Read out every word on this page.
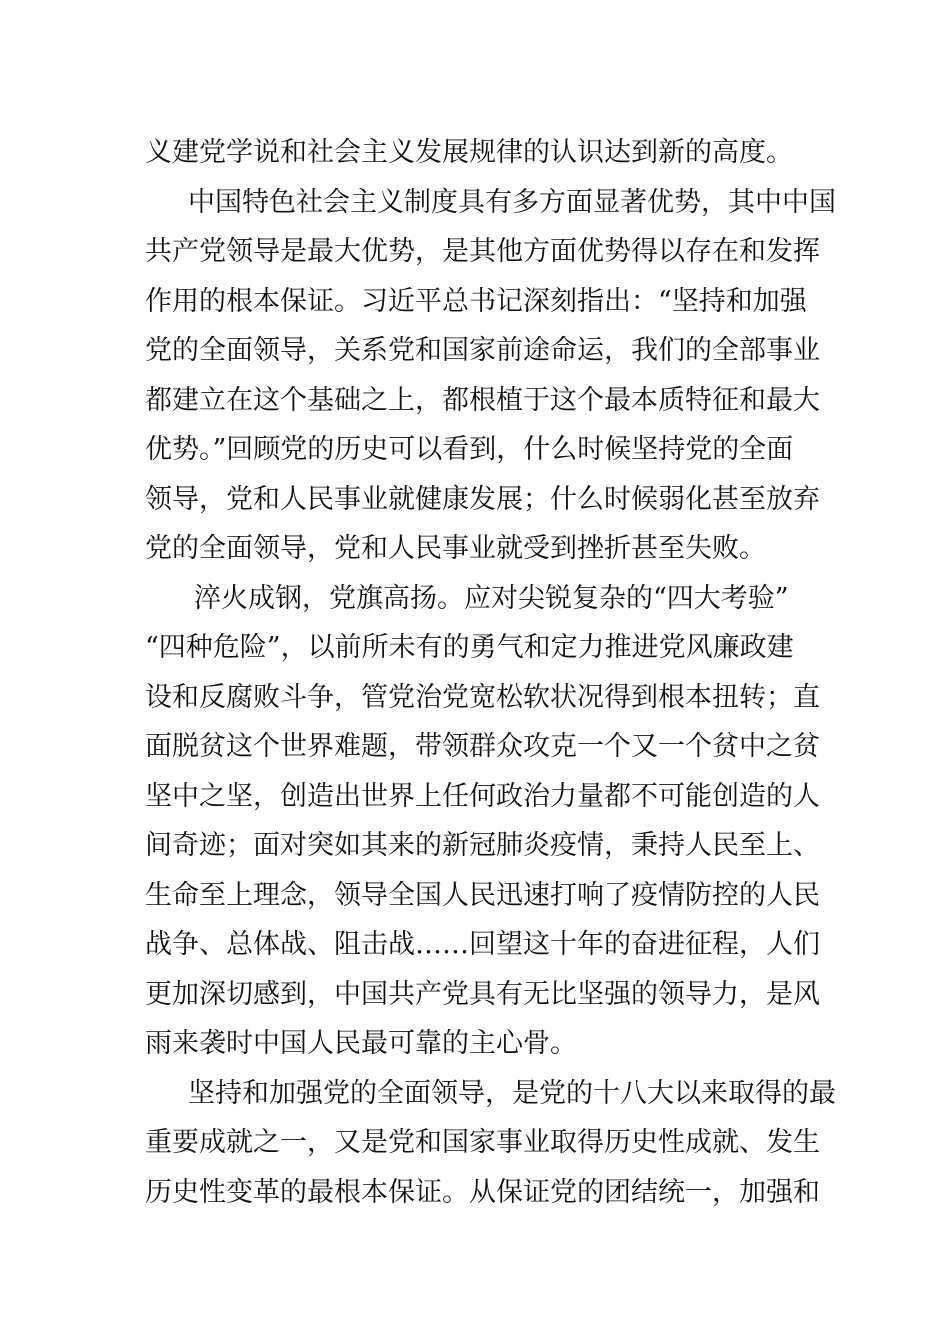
义建党学说和社会主义发展规律的认识达到新的高度。
中国特色社会主义制度具有多方面显著优势，其中中国
共产党领导是最大优势，是其他方面优势得以存在和发挥
作用的根本保证。习近平总书记深刻指出：“坚持和加强
党的全面领导，关系党和国家前途命运，我们的全部事业
都建立在这个基础之上，都根植于这个最本质特征和最大
优势。”回顾党的历史可以看到，什么时候坚持党的全面
领导，党和人民事业就健康发展；什么时候弱化甚至放弃
党的全面领导，党和人民事业就受到挫折甚至失败。
淬火成钢，党旗高扬。应对尖锐复杂的“四大考验”
“四种危险”，以前所未有的勇气和定力推进党风廉政建
设和反腐败斗争，管党治党宽松软状况得到根本扭转；直
面脱贫这个世界难题，带领群众攻克一个又一个贫中之贫
坚中之坚，创造出世界上任何政治力量都不可能创造的人
间奇迹；面对突如其来的新冠肺炎疫情，秉持人民至上、
生命至上理念，领导全国人民迅速打响了疫情防控的人民
战争、总体战、阻击战……回望这十年的奋进征程，人们
更加深切感到，中国共产党具有无比坚强的领导力，是风
雨来袭时中国人民最可靠的主心骨。
坚持和加强党的全面领导，是党的十八大以来取得的最
重要成就之一，又是党和国家事业取得历史性成就、发生
历史性变革的最根本保证。从保证党的团结统一，加强和
